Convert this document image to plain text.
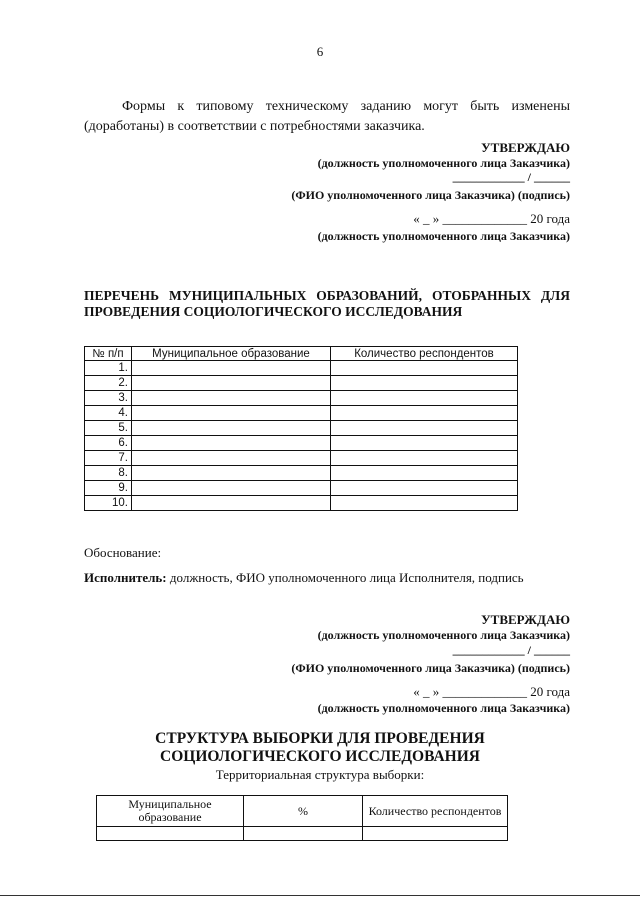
6
Формы к типовому техническому заданию могут быть изменены (доработаны) в соответствии с потребностями заказчика.
УТВЕРЖДАЮ
(должность уполномоченного лица Заказчика)
____________ / ______
(ФИО уполномоченного лица Заказчика) (подпись)
« _ » _____________ 20 года
(должность уполномоченного лица Заказчика)
ПЕРЕЧЕНЬ МУНИЦИПАЛЬНЫХ ОБРАЗОВАНИЙ, ОТОБРАННЫХ ДЛЯ ПРОВЕДЕНИЯ СОЦИОЛОГИЧЕСКОГО ИССЛЕДОВАНИЯ
№ п/п	Муниципальное образование	Количество респондентов
1.		
2.		
3.		
4.		
5.		
6.		
7.		
8.		
9.		
10.		
Обоснование:
Исполнитель: должность, ФИО уполномоченного лица Исполнителя, подпись
УТВЕРЖДАЮ
(должность уполномоченного лица Заказчика)
____________ / ______
(ФИО уполномоченного лица Заказчика) (подпись)
« _ » _____________ 20 года
(должность уполномоченного лица Заказчика)
СТРУКТУРА ВЫБОРКИ ДЛЯ ПРОВЕДЕНИЯ
СОЦИОЛОГИЧЕСКОГО ИССЛЕДОВАНИЯ
Территориальная структура выборки:
Муниципальное образование	%	Количество респондентов
